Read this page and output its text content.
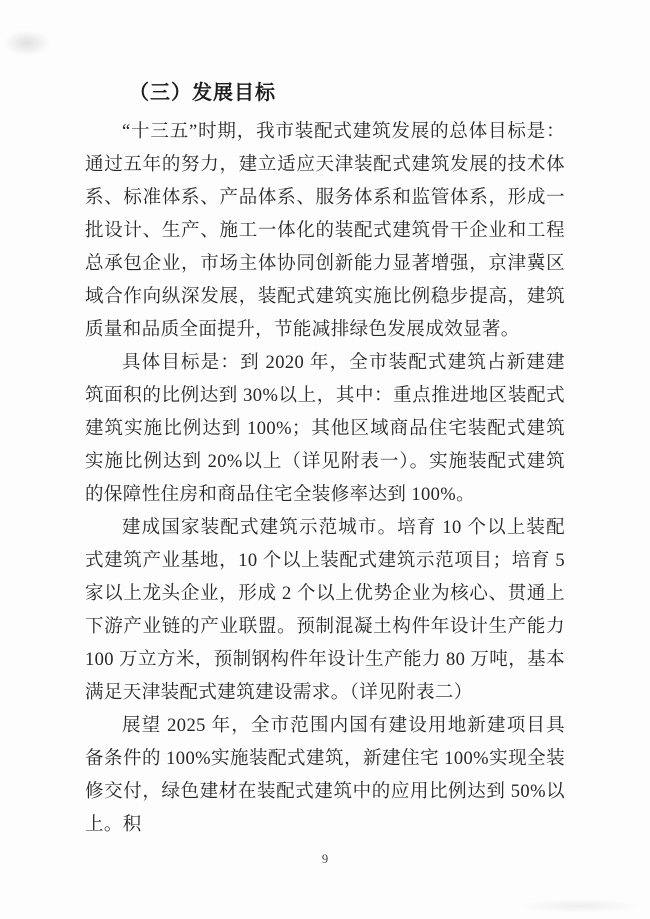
（三）发展目标

“十三五”时期，我市装配式建筑发展的总体目标是：通过五年的努力，建立适应天津装配式建筑发展的技术体系、标准体系、产品体系、服务体系和监管体系，形成一批设计、生产、施工一体化的装配式建筑骨干企业和工程总承包企业，市场主体协同创新能力显著增强，京津冀区域合作向纵深发展，装配式建筑实施比例稳步提高，建筑质量和品质全面提升，节能减排绿色发展成效显著。

具体目标是：到 2020 年，全市装配式建筑占新建建筑面积的比例达到 30%以上，其中：重点推进地区装配式建筑实施比例达到 100%；其他区域商品住宅装配式建筑实施比例达到 20%以上（详见附表一）。实施装配式建筑的保障性住房和商品住宅全装修率达到 100%。

建成国家装配式建筑示范城市。培育 10 个以上装配式建筑产业基地，10 个以上装配式建筑示范项目；培育 5 家以上龙头企业，形成 2 个以上优势企业为核心、贯通上下游产业链的产业联盟。预制混凝土构件年设计生产能力 100 万立方米，预制钢构件年设计生产能力 80 万吨，基本满足天津装配式建筑建设需求。（详见附表二）

展望 2025 年，全市范围内国有建设用地新建项目具备条件的 100%实施装配式建筑，新建住宅 100%实现全装修交付，绿色建材在装配式建筑中的应用比例达到 50%以上。积

9
